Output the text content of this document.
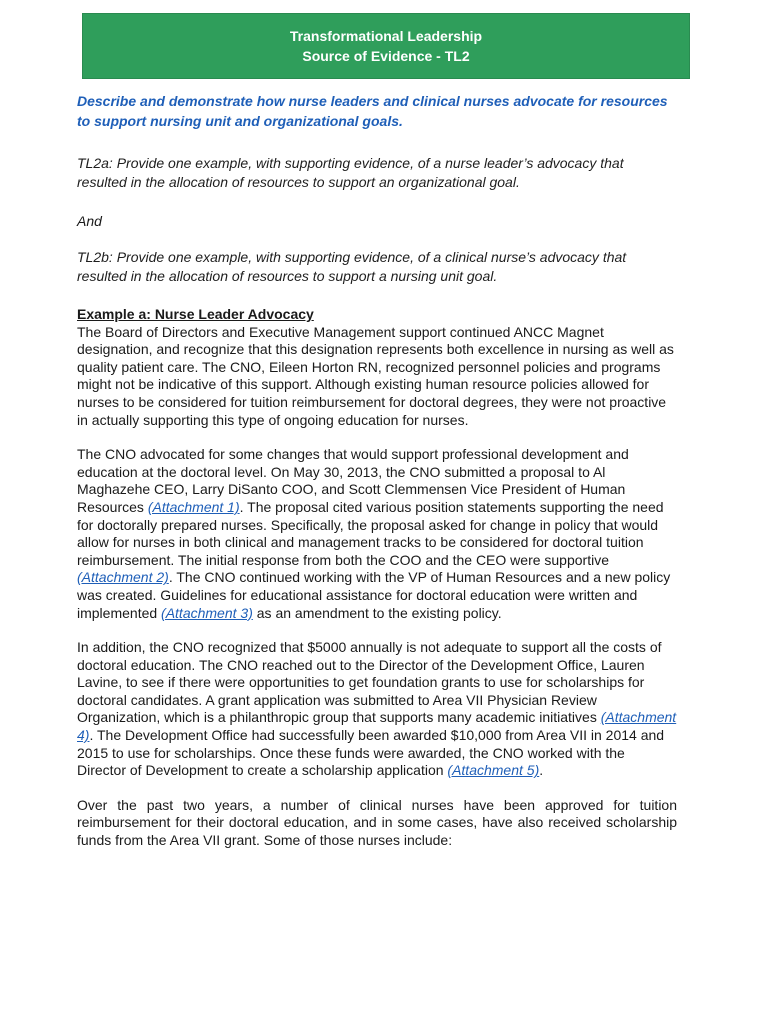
Transformational Leadership
Source of Evidence - TL2

Describe and demonstrate how nurse leaders and clinical nurses advocate for resources to support nursing unit and organizational goals.

TL2a: Provide one example, with supporting evidence, of a nurse leader’s advocacy that resulted in the allocation of resources to support an organizational goal.

And

TL2b: Provide one example, with supporting evidence, of a clinical nurse’s advocacy that resulted in the allocation of resources to support a nursing unit goal.

Example a: Nurse Leader Advocacy
The Board of Directors and Executive Management support continued ANCC Magnet designation, and recognize that this designation represents both excellence in nursing as well as quality patient care. The CNO, Eileen Horton RN, recognized personnel policies and programs might not be indicative of this support. Although existing human resource policies allowed for nurses to be considered for tuition reimbursement for doctoral degrees, they were not proactive in actually supporting this type of ongoing education for nurses.

The CNO advocated for some changes that would support professional development and education at the doctoral level. On May 30, 2013, the CNO submitted a proposal to Al Maghazehe CEO, Larry DiSanto COO, and Scott Clemmensen Vice President of Human Resources (Attachment 1). The proposal cited various position statements supporting the need for doctorally prepared nurses. Specifically, the proposal asked for change in policy that would allow for nurses in both clinical and management tracks to be considered for doctoral tuition reimbursement. The initial response from both the COO and the CEO were supportive (Attachment 2). The CNO continued working with the VP of Human Resources and a new policy was created. Guidelines for educational assistance for doctoral education were written and implemented (Attachment 3) as an amendment to the existing policy.

In addition, the CNO recognized that $5000 annually is not adequate to support all the costs of doctoral education. The CNO reached out to the Director of the Development Office, Lauren Lavine, to see if there were opportunities to get foundation grants to use for scholarships for doctoral candidates. A grant application was submitted to Area VII Physician Review Organization, which is a philanthropic group that supports many academic initiatives (Attachment 4). The Development Office had successfully been awarded $10,000 from Area VII in 2014 and 2015 to use for scholarships. Once these funds were awarded, the CNO worked with the Director of Development to create a scholarship application (Attachment 5).

Over the past two years, a number of clinical nurses have been approved for tuition reimbursement for their doctoral education, and in some cases, have also received scholarship funds from the Area VII grant. Some of those nurses include:
